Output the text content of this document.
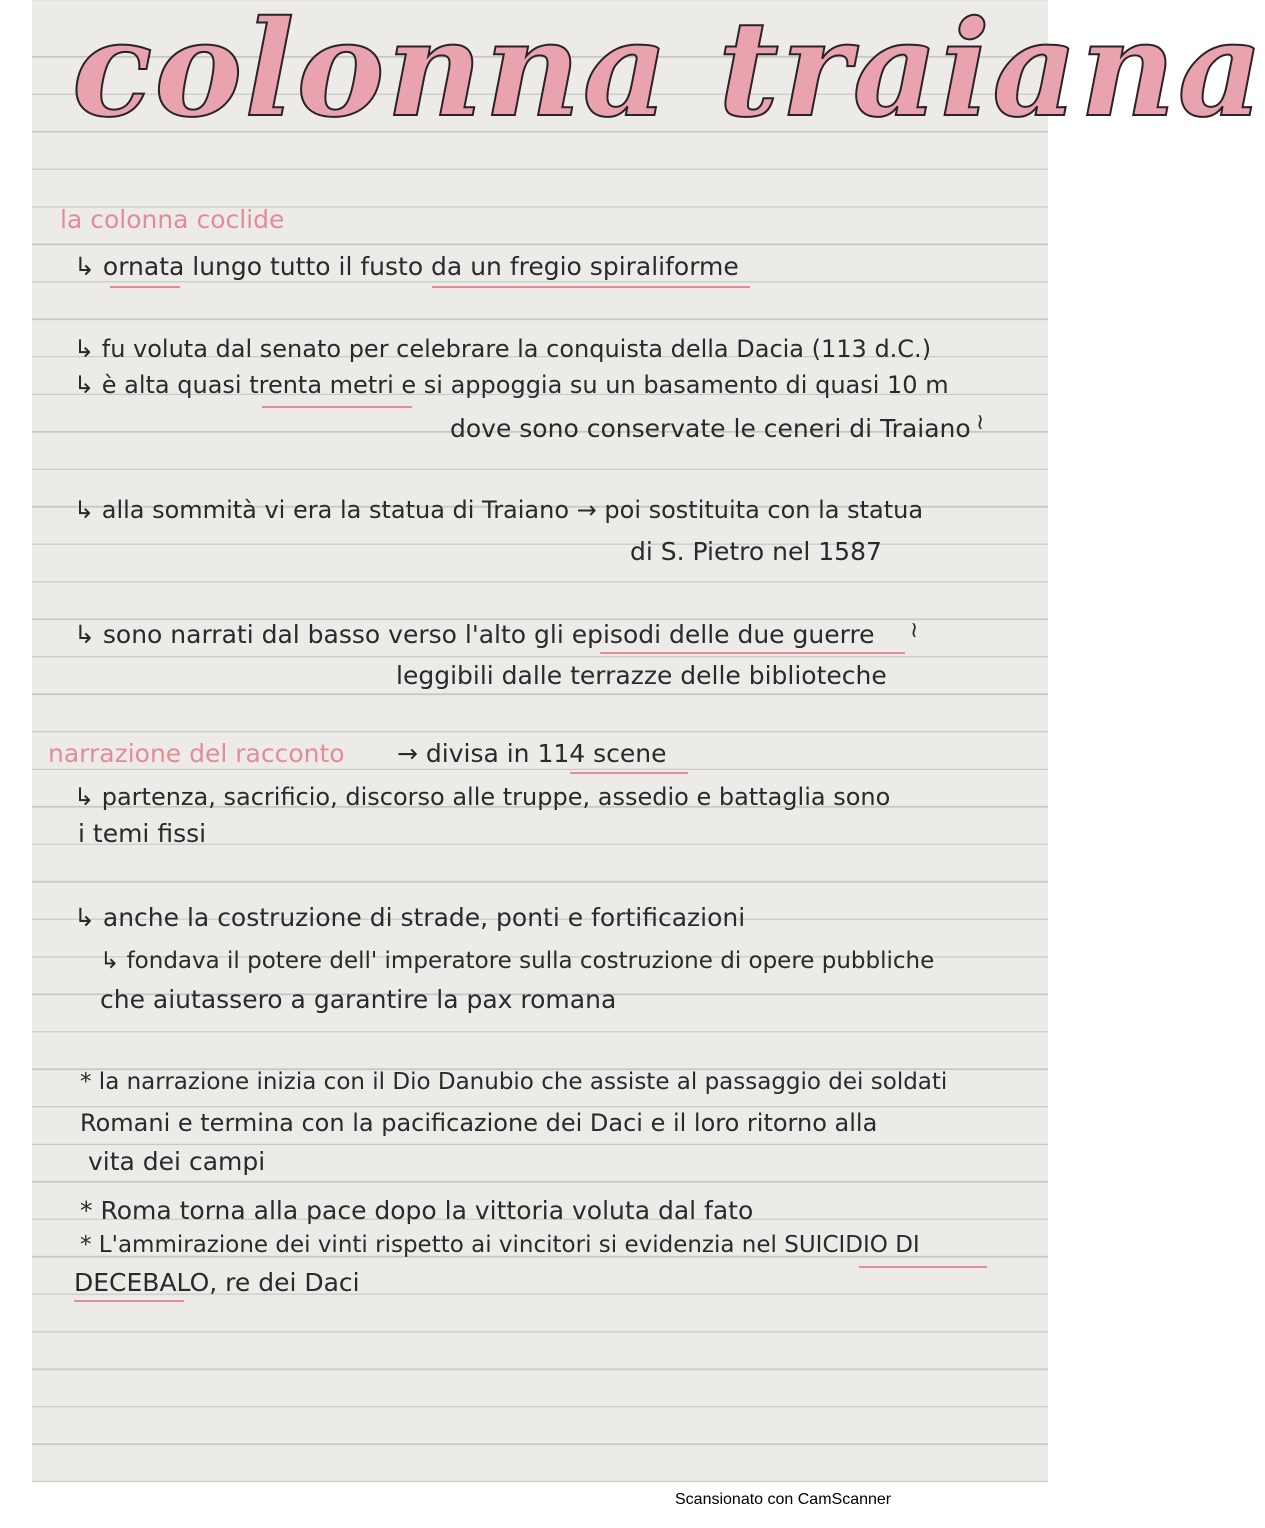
colonna traiana
la colonna coclide
↳ ornata lungo tutto il fusto da un fregio spiraliforme
↳ fu voluta dal senato per celebrare la conquista della Dacia (113 d.C.)
↳ è alta quasi trenta metri e si appoggia su un basamento di quasi 10 m
dove sono conservate le ceneri di Traiano ≀
↳ alla sommità vi era la statua di Traiano → poi sostituita con la statua
di S. Pietro nel 1587
↳ sono narrati dal basso verso l'alto gli episodi delle due guerre ≀
leggibili dalle terrazze delle biblioteche
narrazione del racconto → divisa in 114 scene
↳ partenza, sacrificio, discorso alle truppe, assedio e battaglia sono
i temi fissi
↳ anche la costruzione di strade, ponti e fortificazioni
↳ fondava il potere dell' imperatore sulla costruzione di opere pubbliche
che aiutassero a garantire la pax romana
* la narrazione inizia con il Dio Danubio che assiste al passaggio dei soldati
Romani e termina con la pacificazione dei Daci e il loro ritorno alla
vita dei campi
* Roma torna alla pace dopo la vittoria voluta dal fato
* L'ammirazione dei vinti rispetto ai vincitori si evidenzia nel SUICIDIO DI
DECEBALO, re dei Daci
Scansionato con CamScanner
